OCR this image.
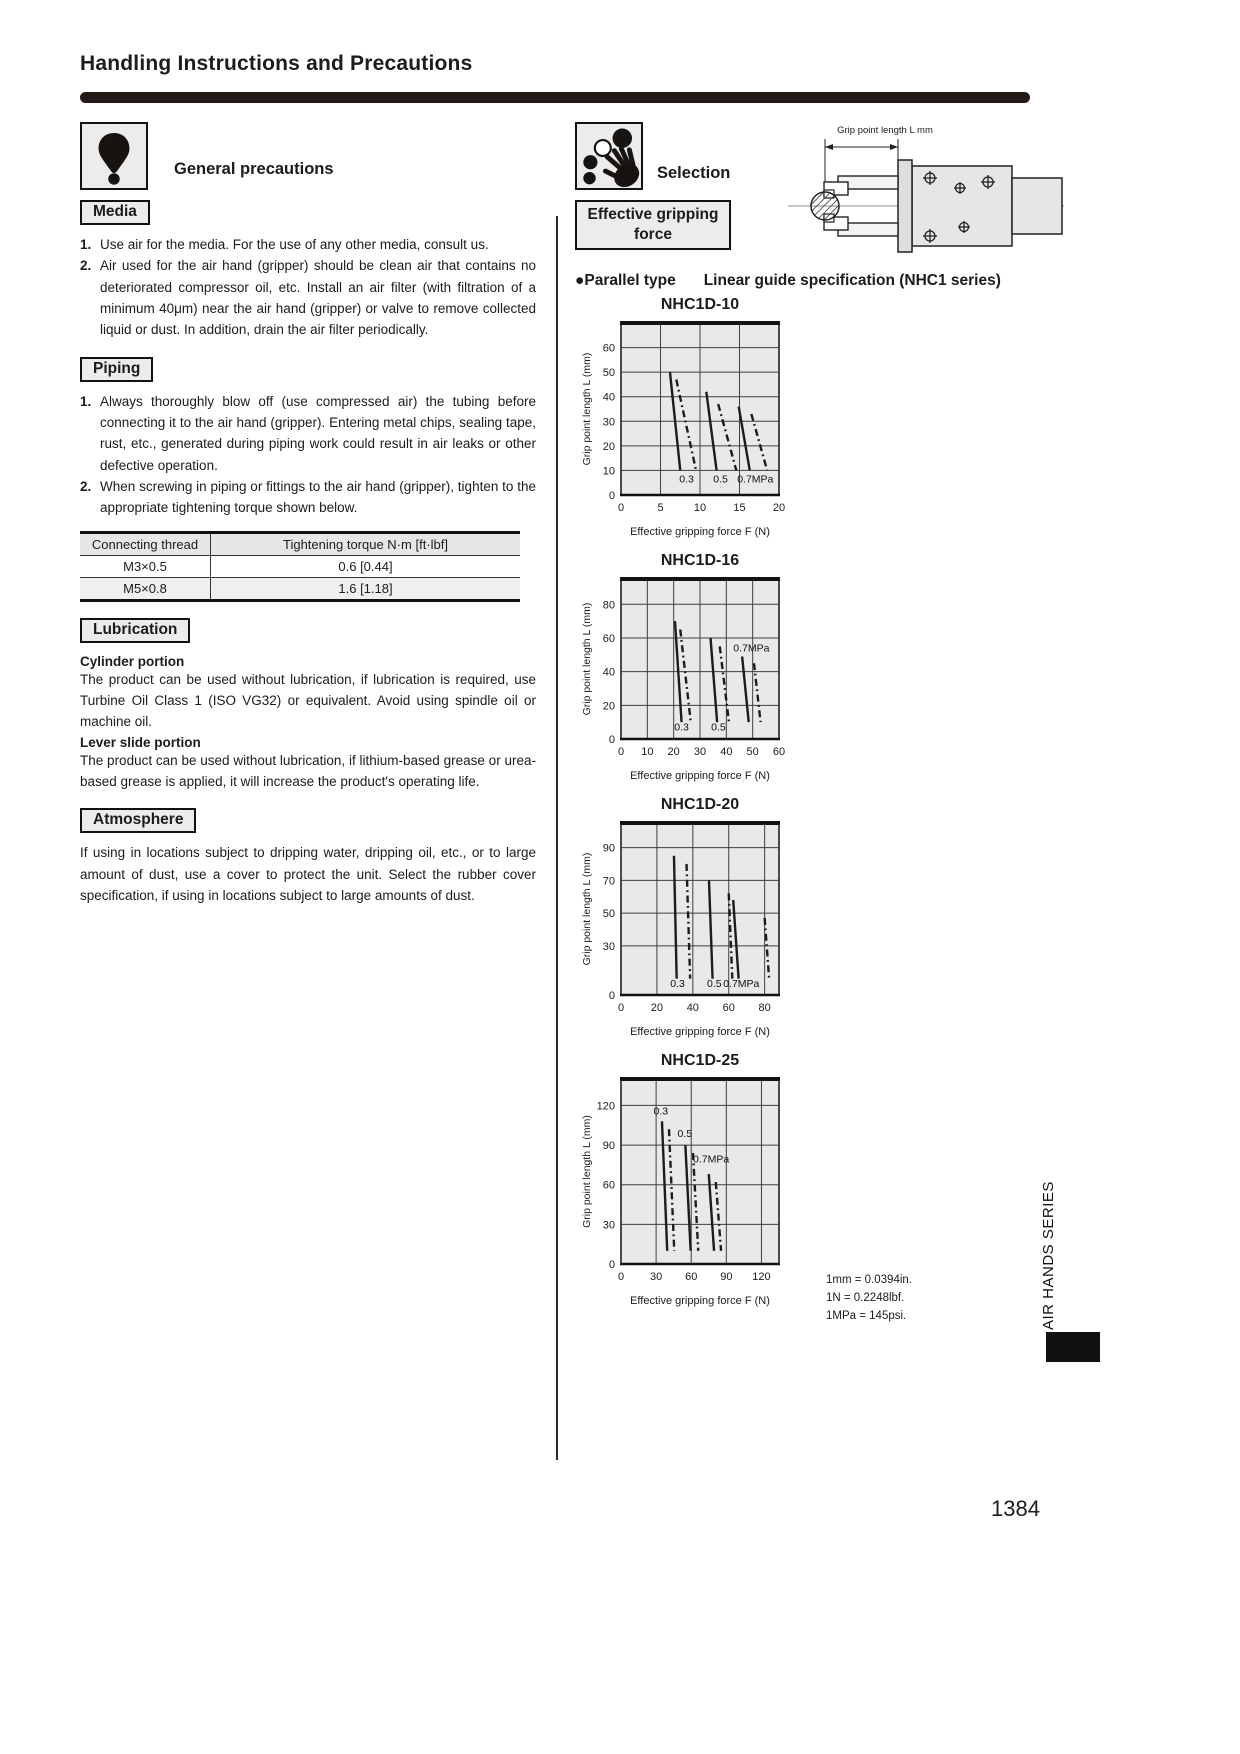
Handling Instructions and Precautions
General precautions
Media
1. Use air for the media. For the use of any other media, consult us.
2. Air used for the air hand (gripper) should be clean air that contains no deteriorated compressor oil, etc. Install an air filter (with filtration of a minimum 40μm) near the air hand (gripper) or valve to remove collected liquid or dust. In addition, drain the air filter periodically.
Piping
1. Always thoroughly blow off (use compressed air) the tubing before connecting it to the air hand (gripper). Entering metal chips, sealing tape, rust, etc., generated during piping work could result in air leaks or other defective operation.
2. When screwing in piping or fittings to the air hand (gripper), tighten to the appropriate tightening torque shown below.
Connecting thread	Tightening torque N·m [ft·lbf]
M3×0.5	0.6 [0.44]
M5×0.8	1.6 [1.18]
Lubrication
Cylinder portion
The product can be used without lubrication, if lubrication is required, use Turbine Oil Class 1 (ISO VG32) or equivalent. Avoid using spindle oil or machine oil.
Lever slide portion
The product can be used without lubrication, if lithium-based grease or urea-based grease is applied, it will increase the product's operating life.
Atmosphere
If using in locations subject to dripping water, dripping oil, etc., or to large amount of dust, use a cover to protect the unit. Select the rubber cover specification, if using in locations subject to large amounts of dust.
Selection
Effective gripping force
Grip point length L mm
● Parallel type Linear guide specification (NHC1 series)
NHC1D-10
0	5	10 15 20
0
10
20
30
40
50
60
0.3 0.5 0.7MPa
Effective gripping force F (N)
Grip point length L (mm)
NHC1D-16
0 10 20 30 40 50 60
0
20
40
60
80
0.3 0.5
0.7MPa
Effective gripping force F (N)
Grip point length L (mm)
NHC1D-20
0 20 40 60 80
0
30
50
70
90
0.3 0.5 0.7MPa
Effective gripping force F (N)
Grip point length L (mm)
NHC1D-25
0 30 60 90 120
0
30
60
90
120	0.3
0.5
0.7MPa
Effective gripping force F (N)
Grip point length L (mm)
1mm = 0.0394in.
1N = 0.2248lbf.
1MPa = 145psi.	AIR HANDS SERIES
1384
